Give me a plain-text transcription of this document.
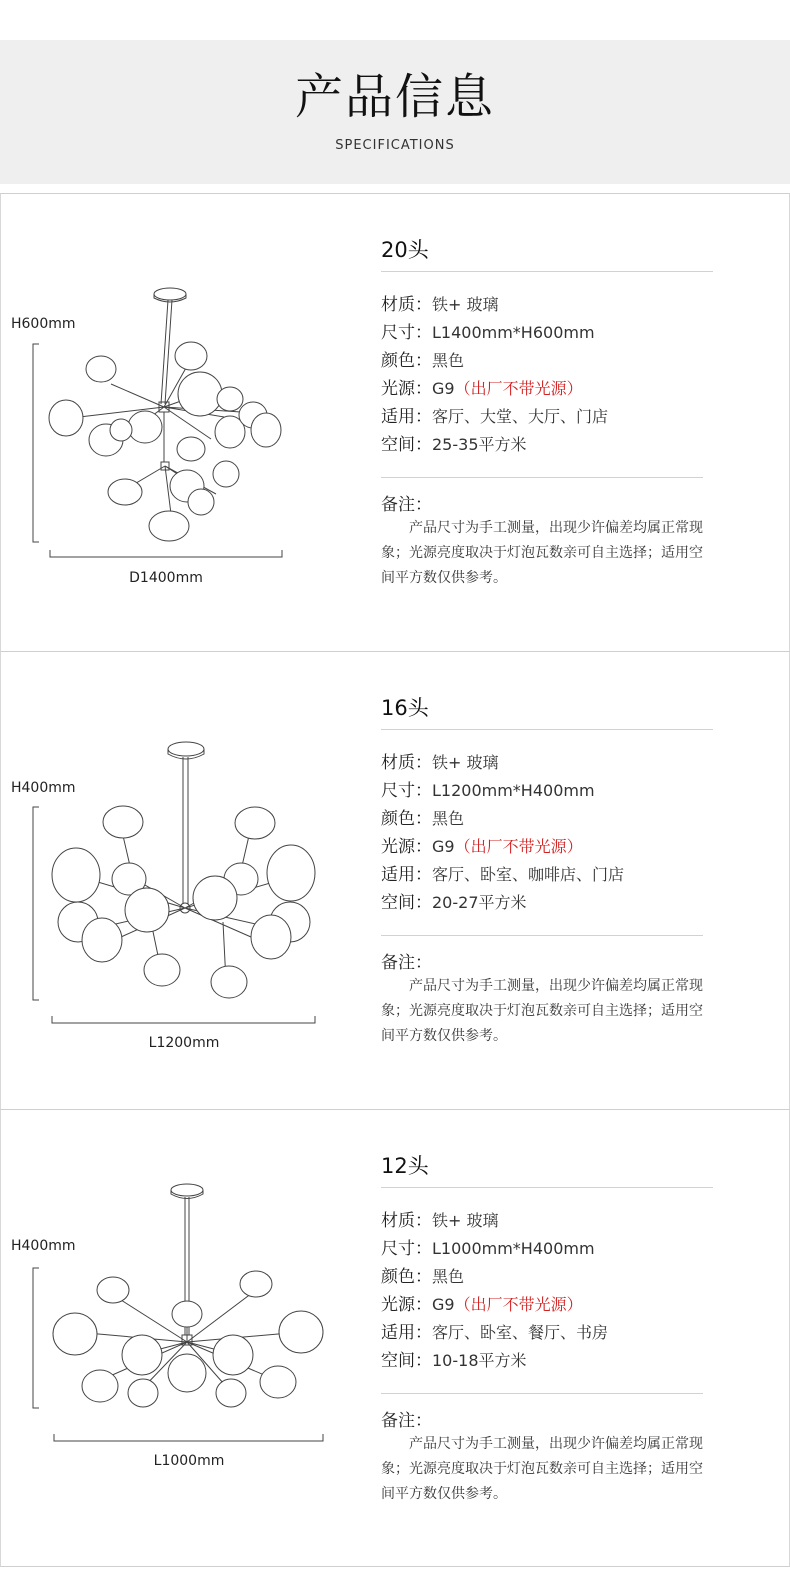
产品信息
SPECIFICATIONS
H600mm
D1400mm
20头
材质：铁+ 玻璃
尺寸：L1400mm*H600mm
颜色：黑色
光源：G9（出厂不带光源）
适用：客厅、大堂、大厅、门店
空间：25-35平方米
备注：
产品尺寸为手工测量，出现少许偏差均属正常现象；光源亮度取决于灯泡瓦数亲可自主选择；适用空间平方数仅供参考。
H400mm
L1200mm
16头
材质：铁+ 玻璃
尺寸：L1200mm*H400mm
颜色：黑色
光源：G9（出厂不带光源）
适用：客厅、卧室、咖啡店、门店
空间：20-27平方米
备注：
产品尺寸为手工测量，出现少许偏差均属正常现象；光源亮度取决于灯泡瓦数亲可自主选择；适用空间平方数仅供参考。
H400mm
L1000mm
12头
材质：铁+ 玻璃
尺寸：L1000mm*H400mm
颜色：黑色
光源：G9（出厂不带光源）
适用：客厅、卧室、餐厅、书房
空间：10-18平方米
备注：
产品尺寸为手工测量，出现少许偏差均属正常现象；光源亮度取决于灯泡瓦数亲可自主选择；适用空间平方数仅供参考。
